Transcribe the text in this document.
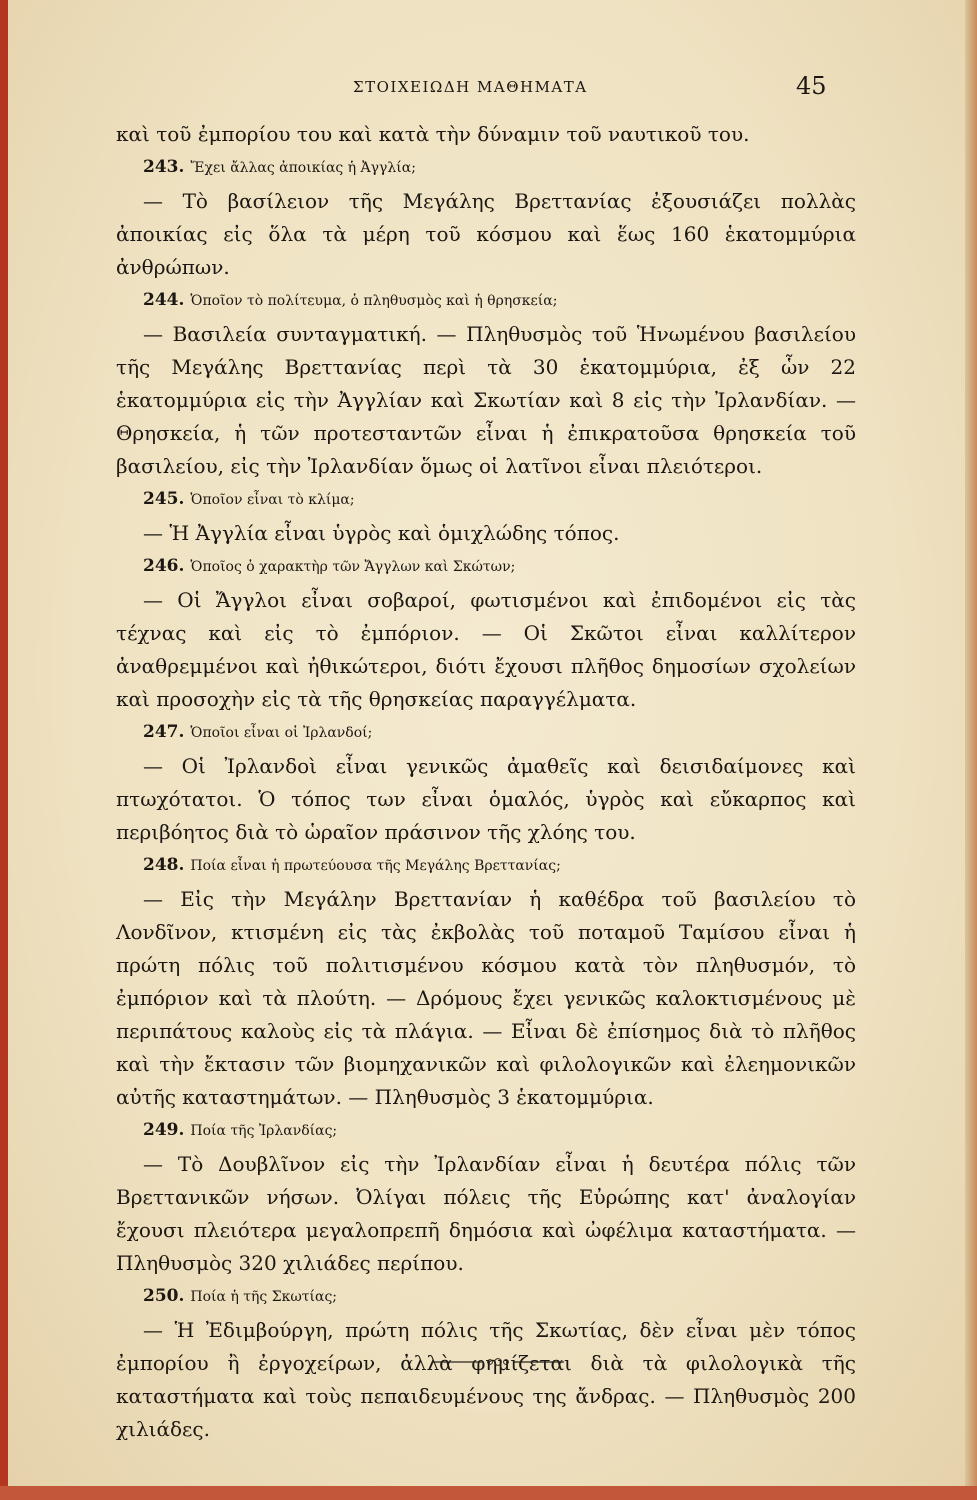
ΣΤΟΙΧΕΙΩΔΗ ΜΑΘΗΜΑΤΑ	45

καὶ τοῦ ἐμπορίου του καὶ κατὰ τὴν δύναμιν τοῦ ναυτικοῦ του.

243. Ἔχει ἄλλας ἀποικίας ἡ Ἀγγλία;

— Τὸ βασίλειον τῆς Μεγάλης Βρεττανίας ἐξουσιάζει πολλὰς ἀποικίας εἰς ὅλα τὰ μέρη τοῦ κόσμου καὶ ἕως 160 ἑκατομμύρια ἀνθρώπων.

244. Ὁποῖον τὸ πολίτευμα, ὁ πληθυσμὸς καὶ ἡ θρησκεία;

— Βασιλεία συνταγματική. — Πληθυσμὸς τοῦ Ἡνωμένου βασιλείου τῆς Μεγάλης Βρεττανίας περὶ τὰ 30 ἑκατομμύρια, ἐξ ὧν 22 ἑκατομμύρια εἰς τὴν Ἀγγλίαν καὶ Σκωτίαν καὶ 8 εἰς τὴν Ἰρλανδίαν. — Θρησκεία, ἡ τῶν προτεσταντῶν εἶναι ἡ ἐπικρατοῦσα θρησκεία τοῦ βασιλείου, εἰς τὴν Ἰρλανδίαν ὅμως οἱ λατῖνοι εἶναι πλειότεροι.

245. Ὁποῖον εἶναι τὸ κλίμα;

— Ἡ Ἀγγλία εἶναι ὑγρὸς καὶ ὁμιχλώδης τόπος.

246. Ὁποῖος ὁ χαρακτὴρ τῶν Ἄγγλων καὶ Σκώτων;

— Οἱ Ἄγγλοι εἶναι σοβαροί, φωτισμένοι καὶ ἐπιδομένοι εἰς τὰς τέχνας καὶ εἰς τὸ ἐμπόριον. — Οἱ Σκῶτοι εἶναι καλλίτερον ἀναθρεμμένοι καὶ ἠθικώτεροι, διότι ἔχουσι πλῆθος δημοσίων σχολείων καὶ προσοχὴν εἰς τὰ τῆς θρησκείας παραγγέλματα.

247. Ὁποῖοι εἶναι οἱ Ἰρλανδοί;

— Οἱ Ἰρλανδοὶ εἶναι γενικῶς ἀμαθεῖς καὶ δεισιδαίμονες καὶ πτωχότατοι. Ὁ τόπος των εἶναι ὁμαλός, ὑγρὸς καὶ εὔκαρπος καὶ περιβόητος διὰ τὸ ὡραῖον πράσινον τῆς χλόης του.

248. Ποία εἶναι ἡ πρωτεύουσα τῆς Μεγάλης Βρεττανίας;

— Εἰς τὴν Μεγάλην Βρεττανίαν ἡ καθέδρα τοῦ βασιλείου τὸ Λονδῖνον, κτισμένη εἰς τὰς ἐκβολὰς τοῦ ποταμοῦ Ταμίσου εἶναι ἡ πρώτη πόλις τοῦ πολιτισμένου κόσμου κατὰ τὸν πληθυσμόν, τὸ ἐμπόριον καὶ τὰ πλούτη. — Δρόμους ἔχει γενικῶς καλοκτισμένους μὲ περιπάτους καλοὺς εἰς τὰ πλάγια. — Εἶναι δὲ ἐπίσημος διὰ τὸ πλῆθος καὶ τὴν ἔκτασιν τῶν βιομηχανικῶν καὶ φιλολογικῶν καὶ ἐλεημονικῶν αὐτῆς καταστημάτων. — Πληθυσμὸς 3 ἑκατομμύρια.

249. Ποία τῆς Ἰρλανδίας;

— Τὸ Δουβλῖνον εἰς τὴν Ἰρλανδίαν εἶναι ἡ δευτέρα πόλις τῶν Βρεττανικῶν νήσων. Ὀλίγαι πόλεις τῆς Εὐρώπης κατ' ἀναλογίαν ἔχουσι πλειότερα μεγαλοπρεπῆ δημόσια καὶ ὠφέλιμα καταστήματα. — Πληθυσμὸς 320 χιλιάδες περίπου.

250. Ποία ἡ τῆς Σκωτίας;

— Ἡ Ἐδιμβούργη, πρώτη πόλις τῆς Σκωτίας, δὲν εἶναι μὲν τόπος ἐμπορίου ἢ ἐργοχείρων, ἀλλὰ φημίζεται διὰ τὰ φιλολογικὰ τῆς καταστήματα καὶ τοὺς πεπαιδευμένους της ἄνδρας. — Πληθυσμὸς 200 χιλιάδες.
